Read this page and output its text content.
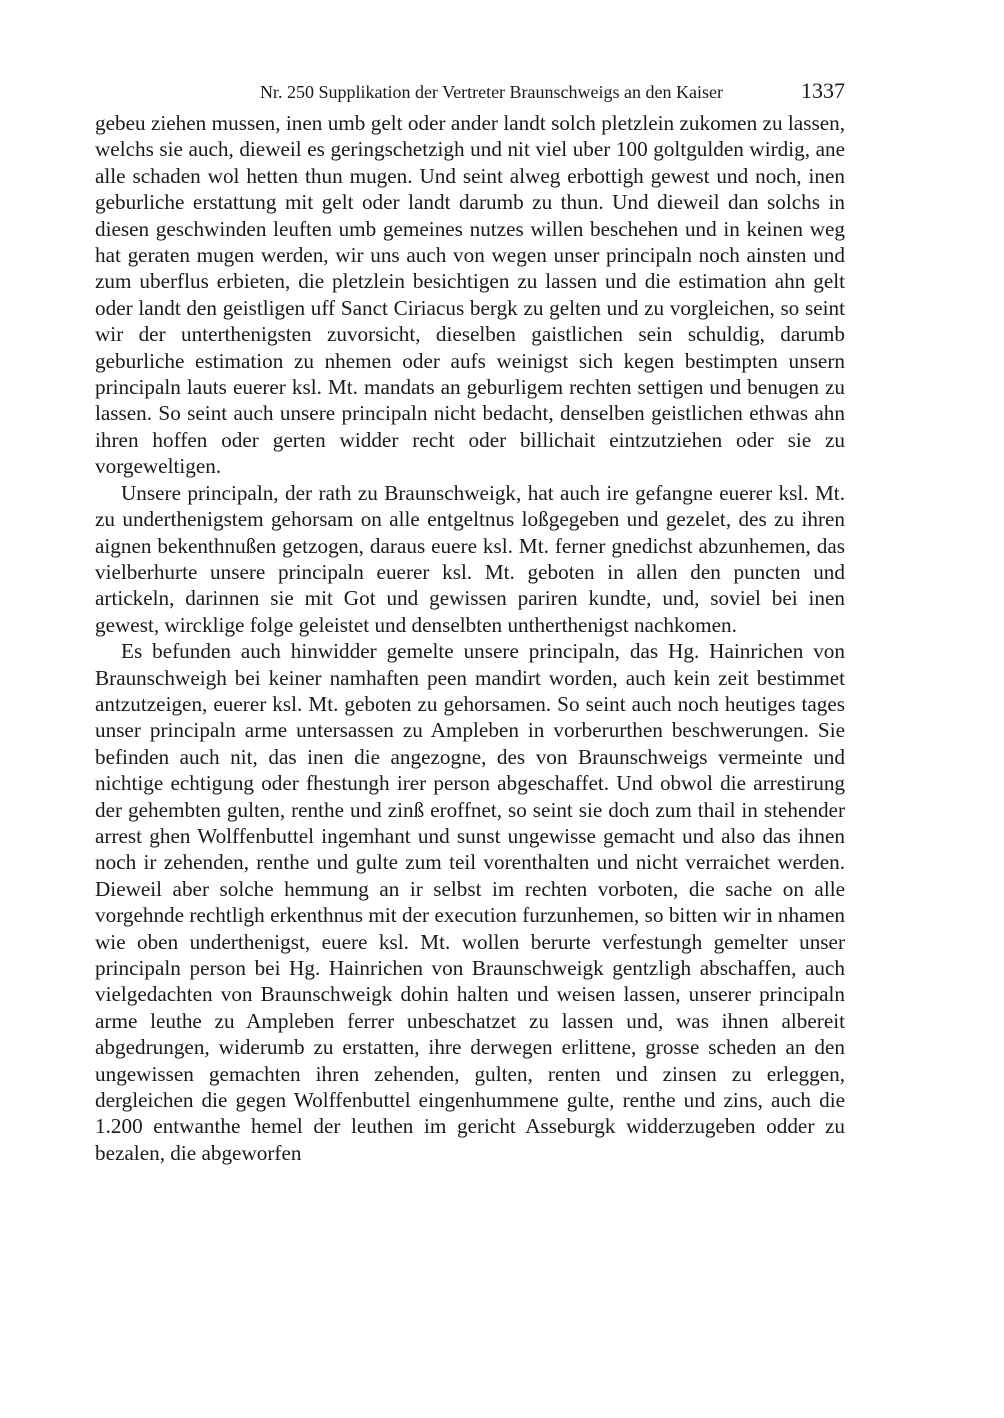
Nr. 250 Supplikation der Vertreter Braunschweigs an den Kaiser	1337

gebeu ziehen mussen, inen umb gelt oder ander landt solch pletzlein zukomen zu lassen, welchs sie auch, dieweil es geringschetzigh und nit viel uber 100 goltgulden wirdig, ane alle schaden wol hetten thun mugen. Und seint alweg erbottigh gewest und noch, inen geburliche erstattung mit gelt oder landt darumb zu thun. Und dieweil dan solchs in diesen geschwinden leuften umb gemeines nutzes willen beschehen und in keinen weg hat geraten mugen werden, wir uns auch von wegen unser principaln noch ainsten und zum uberflus erbieten, die pletzlein besichtigen zu lassen und die estimation ahn gelt oder landt den geistligen uff Sanct Ciriacus bergk zu gelten und zu vorgleichen, so seint wir der unterthenigsten zuvorsicht, dieselben gaistlichen sein schuldig, darumb geburliche estimation zu nhemen oder aufs weinigst sich kegen bestimpten unsern principaln lauts euerer ksl. Mt. mandats an geburligem rechten settigen und benugen zu lassen. So seint auch unsere principaln nicht bedacht, denselben geistlichen ethwas ahn ihren hoffen oder gerten widder recht oder billichait eintzutziehen oder sie zu vorgeweltigen.

Unsere principaln, der rath zu Braunschweigk, hat auch ire gefangne euerer ksl. Mt. zu underthenigstem gehorsam on alle entgeltnus loßgegeben und gezelet, des zu ihren aignen bekenthnußen getzogen, daraus euere ksl. Mt. ferner gnedichst abzunhemen, das vielberhurte unsere principaln euerer ksl. Mt. geboten in allen den puncten und artickeln, darinnen sie mit Got und gewissen pariren kundte, und, soviel bei inen gewest, wircklige folge geleistet und denselbten untherthenigst nachkomen.

Es befunden auch hinwidder gemelte unsere principaln, das Hg. Hainrichen von Braunschweigh bei keiner namhaften peen mandirt worden, auch kein zeit bestimmet antzutzeigen, euerer ksl. Mt. geboten zu gehorsamen. So seint auch noch heutiges tages unser principaln arme untersassen zu Ampleben in vorberurthen beschwerungen. Sie befinden auch nit, das inen die angezogne, des von Braunschweigs vermeinte und nichtige echtigung oder fhestungh irer person abgeschaffet. Und obwol die arrestirung der gehembten gulten, renthe und zinß eroffnet, so seint sie doch zum thail in stehender arrest ghen Wolffenbuttel ingemhant und sunst ungewisse gemacht und also das ihnen noch ir zehenden, renthe und gulte zum teil vorenthalten und nicht verraichet werden. Dieweil aber solche hemmung an ir selbst im rechten vorboten, die sache on alle vorgehnde rechtligh erkenthnus mit der execution furzunhemen, so bitten wir in nhamen wie oben underthenigst, euere ksl. Mt. wollen berurte verfestungh gemelter unser principaln person bei Hg. Hainrichen von Braunschweigk gentzligh abschaffen, auch vielgedachten von Braunschweigk dohin halten und weisen lassen, unserer principaln arme leuthe zu Ampleben ferrer unbeschatzet zu lassen und, was ihnen albereit abgedrungen, widerumb zu erstatten, ihre derwegen erlittene, grosse scheden an den ungewissen gemachten ihren zehenden, gulten, renten und zinsen zu erleggen, dergleichen die gegen Wolffenbuttel eingenhummene gulte, renthe und zins, auch die 1.200 entwanthe hemel der leuthen im gericht Asseburgk widderzugeben odder zu bezalen, die abgeworfen
